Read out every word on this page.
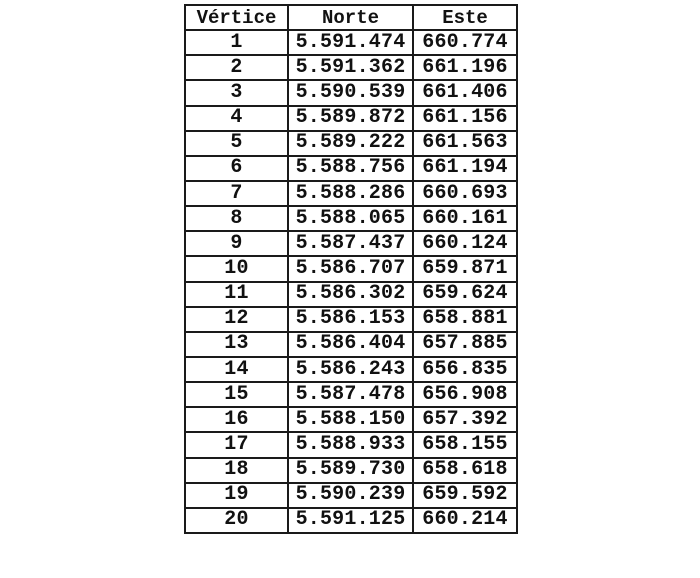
Vértice	Norte	Este
1	5.591.474	660.774
2	5.591.362	661.196
3	5.590.539	661.406
4	5.589.872	661.156
5	5.589.222	661.563
6	5.588.756	661.194
7	5.588.286	660.693
8	5.588.065	660.161
9	5.587.437	660.124
10	5.586.707	659.871
11	5.586.302	659.624
12	5.586.153	658.881
13	5.586.404	657.885
14	5.586.243	656.835
15	5.587.478	656.908
16	5.588.150	657.392
17	5.588.933	658.155
18	5.589.730	658.618
19	5.590.239	659.592
20	5.591.125	660.214
